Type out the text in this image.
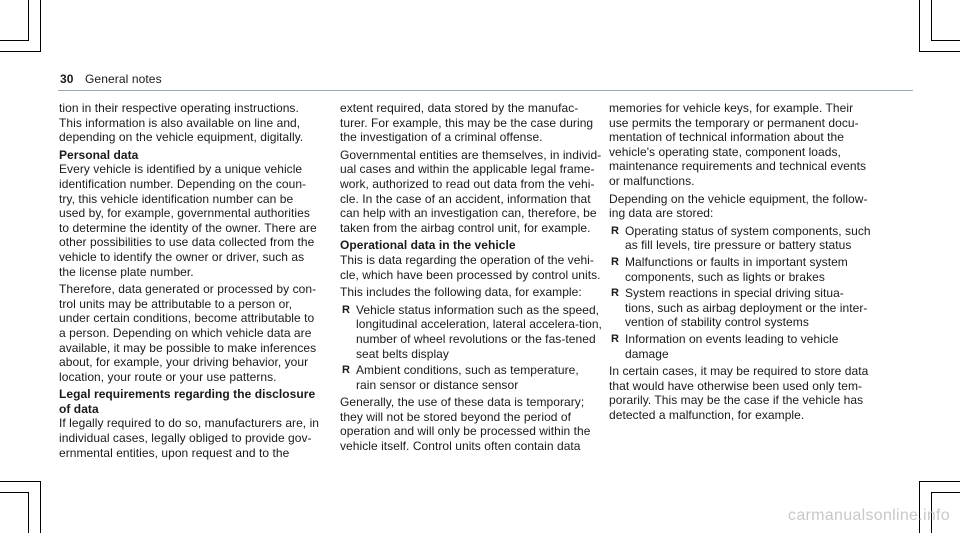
30 General notes

tion in their respective operating instructions. This information is also available on line and, depending on the vehicle equipment, digitally.

Personal data

Every vehicle is identified by a unique vehicle identification number. Depending on the coun-try, this vehicle identification number can be used by, for example, governmental authorities to determine the identity of the owner. There are other possibilities to use data collected from the vehicle to identify the owner or driver, such as the license plate number.

Therefore, data generated or processed by con-trol units may be attributable to a person or, under certain conditions, become attributable to a person. Depending on which vehicle data are available, it may be possible to make inferences about, for example, your driving behavior, your location, your route or your use patterns.

Legal requirements regarding the disclosure of data

If legally required to do so, manufacturers are, in individual cases, legally obliged to provide gov-ernmental entities, upon request and to the

extent required, data stored by the manufac-turer. For example, this may be the case during the investigation of a criminal offense.

Governmental entities are themselves, in individ-ual cases and within the applicable legal frame-work, authorized to read out data from the vehi-cle. In the case of an accident, information that can help with an investigation can, therefore, be taken from the airbag control unit, for example.

Operational data in the vehicle

This is data regarding the operation of the vehi-cle, which have been processed by control units.

This includes the following data, for example:

R Vehicle status information such as the speed, longitudinal acceleration, lateral accelera-tion, number of wheel revolutions or the fas-tened seat belts display
R Ambient conditions, such as temperature, rain sensor or distance sensor

Generally, the use of these data is temporary; they will not be stored beyond the period of operation and will only be processed within the vehicle itself. Control units often contain data

memories for vehicle keys, for example. Their use permits the temporary or permanent docu-mentation of technical information about the vehicle's operating state, component loads, maintenance requirements and technical events or malfunctions.

Depending on the vehicle equipment, the follow-ing data are stored:

R Operating status of system components, such as fill levels, tire pressure or battery status
R Malfunctions or faults in important system components, such as lights or brakes
R System reactions in special driving situa-tions, such as airbag deployment or the inter-vention of stability control systems
R Information on events leading to vehicle damage

In certain cases, it may be required to store data that would have otherwise been used only tem-porarily. This may be the case if the vehicle has detected a malfunction, for example.

carmanualsonline.info
